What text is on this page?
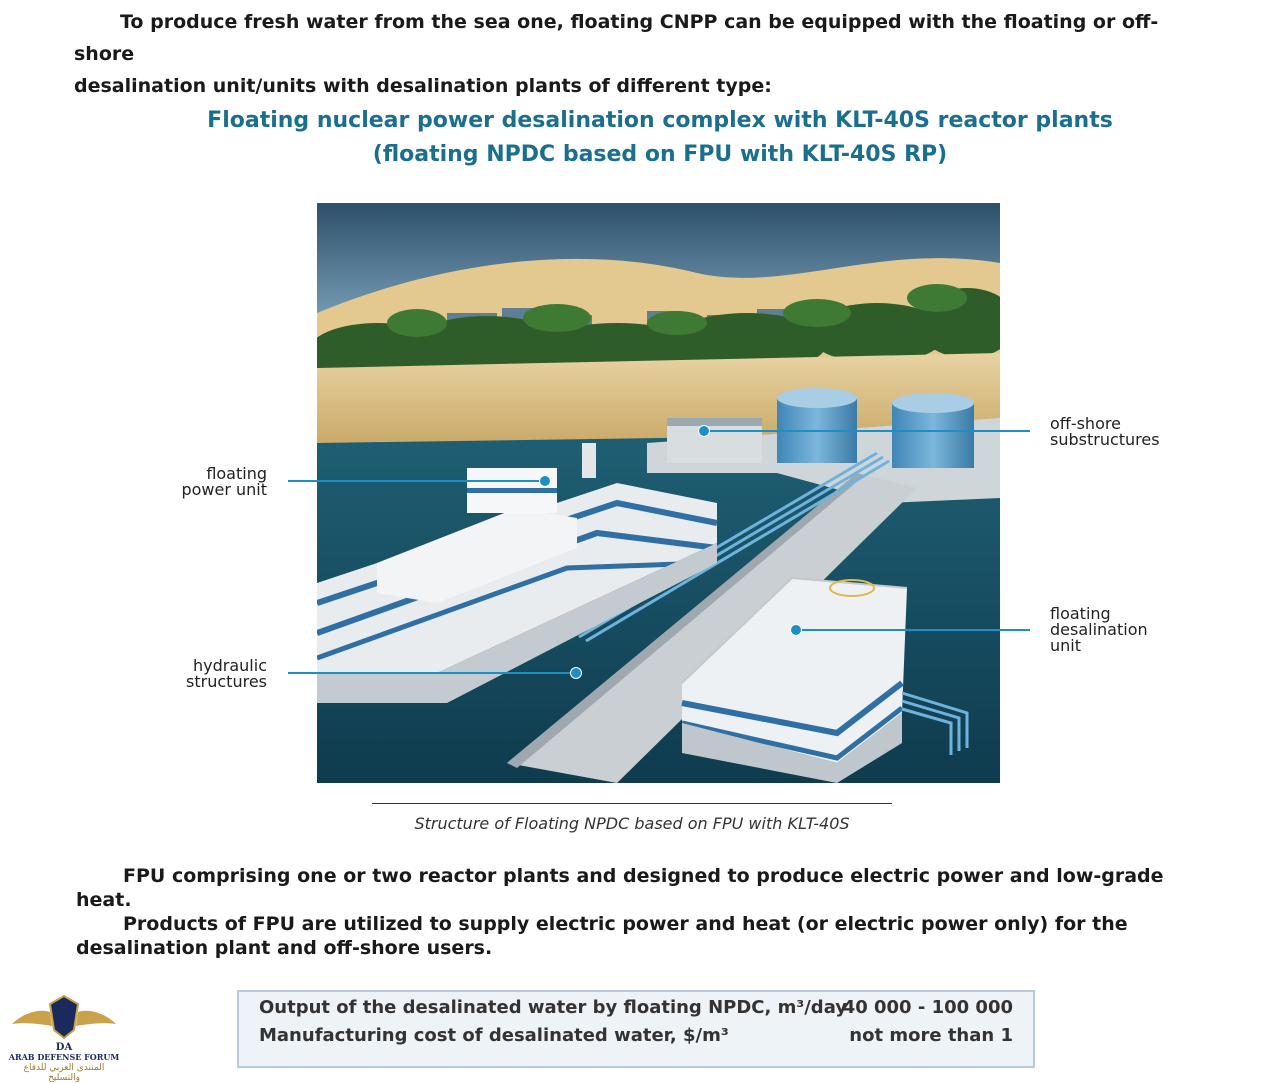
To produce fresh water from the sea one, floating CNPP can be equipped with the floating or off-shore
desalination unit/units with desalination plants of different type:
Floating nuclear power desalination complex with KLT-40S reactor plants
(floating NPDC based on FPU with KLT-40S RP)
floating
power unit
hydraulic
structures
off-shore
substructures
floating
desalination
unit
Structure of Floating NPDC based on FPU with KLT-40S
FPU comprising one or two reactor plants and designed to produce electric power and low-grade heat.
Products of FPU are utilized to supply electric power and heat (or electric power only) for the desalination plant and off-shore users.
Output of the desalinated water by floating NPDC, m³/day
40 000 - 100 000
Manufacturing cost of desalinated water, $/m³	not more than 1
DA
ARAB DEFENSE FORUM
المنتدى العربي للدفاع والتسليح
